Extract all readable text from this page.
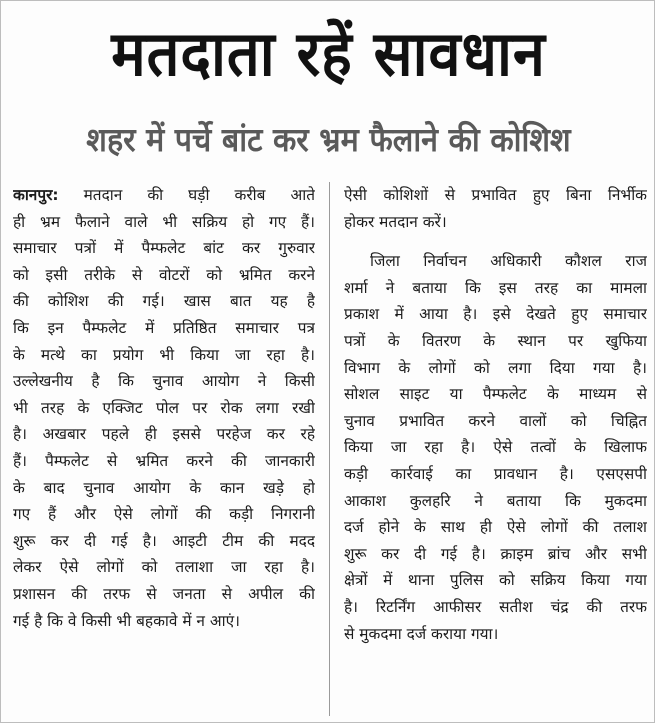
मतदाता रहें सावधान
शहर में पर्चे बांट कर भ्रम फैलाने की कोशिश
कानपुर: मतदान की घड़ी करीब आते
ही भ्रम फैलाने वाले भी सक्रिय हो गए हैं।
समाचार पत्रों में पैम्फलेट बांट कर गुरुवार
को इसी तरीके से वोटरों को भ्रमित करने
की कोशिश की गई। खास बात यह है
कि इन पैम्फलेट में प्रतिष्ठित समाचार पत्र
के मत्थे का प्रयोग भी किया जा रहा है।
उल्लेखनीय है कि चुनाव आयोग ने किसी
भी तरह के एक्जिट पोल पर रोक लगा रखी
है। अखबार पहले ही इससे परहेज कर रहे
हैं। पैम्फलेट से भ्रमित करने की जानकारी
के बाद चुनाव आयोग के कान खड़े हो
गए हैं और ऐसे लोगों की कड़ी निगरानी
शुरू कर दी गई है। आइटी टीम की मदद
लेकर ऐसे लोगों को तलाशा जा रहा है।
प्रशासन की तरफ से जनता से अपील की
गई है कि वे किसी भी बहकावे में न आएं।
ऐसी कोशिशों से प्रभावित हुए बिना निर्भीक
होकर मतदान करें।
जिला निर्वाचन अधिकारी कौशल राज
शर्मा ने बताया कि इस तरह का मामला
प्रकाश में आया है। इसे देखते हुए समाचार
पत्रों के वितरण के स्थान पर खुफिया
विभाग के लोगों को लगा दिया गया है।
सोशल साइट या पैम्फलेट के माध्यम से
चुनाव प्रभावित करने वालों को चिह्नित
किया जा रहा है। ऐसे तत्वों के खिलाफ
कड़ी कार्रवाई का प्रावधान है। एसएसपी
आकाश कुलहरि ने बताया कि मुकदमा
दर्ज होने के साथ ही ऐसे लोगों की तलाश
शुरू कर दी गई है। क्राइम ब्रांच और सभी
क्षेत्रों में थाना पुलिस को सक्रिय किया गया
है। रिटर्निंग आफीसर सतीश चंद्र की तरफ
से मुकदमा दर्ज कराया गया।
